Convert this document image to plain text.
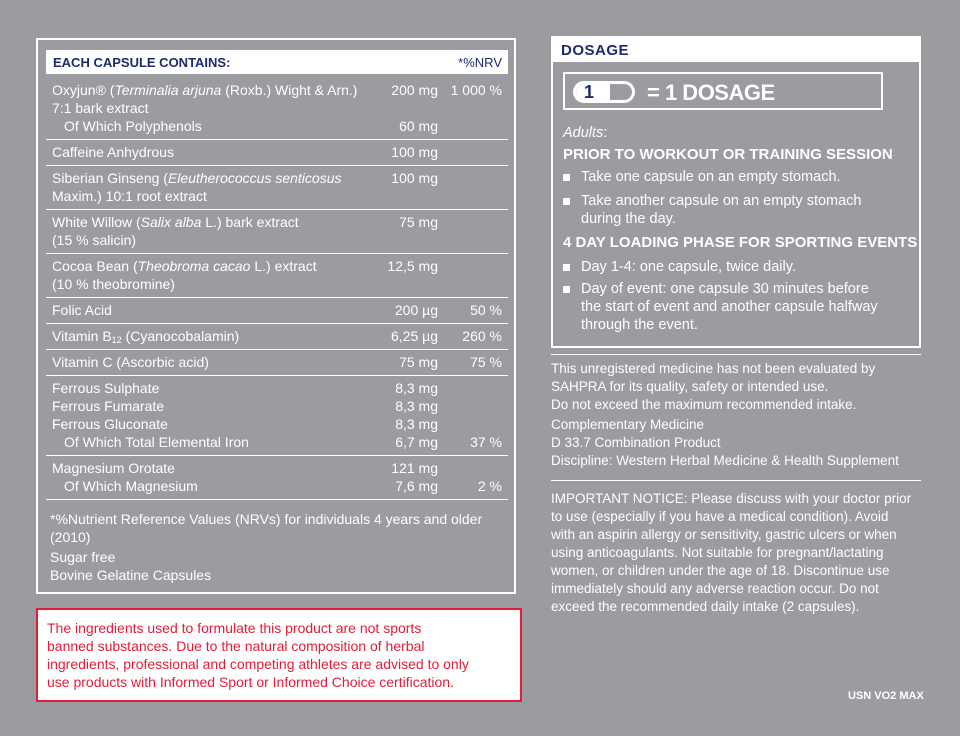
EACH CAPSULE CONTAINS:	*%NRV
Oxyjun® (Terminalia arjuna (Roxb.) Wight & Arn.)	200 mg 1 000 %
7:1 bark extract
Of Which Polyphenols	60 mg
Caffeine Anhydrous	100 mg
Siberian Ginseng (Eleutherococcus senticosus	100 mg
Maxim.) 10:1 root extract
White Willow (Salix alba L.) bark extract	75 mg
(15 % salicin)
Cocoa Bean (Theobroma cacao L.) extract	12,5 mg
(10 % theobromine)
Folic Acid	200 µg	50 %
Vitamin $B_{12}$ (Cyanocobalamin)	6,25 µg	260 %
Vitamin C (Ascorbic acid)	75 mg	75 %
Ferrous Sulphate	8,3 mg
Ferrous Fumarate	8,3 mg
Ferrous Gluconate	8,3 mg
Of Which Total Elemental Iron	6,7 mg	37 %
Magnesium Orotate	121 mg
Of Which Magnesium	7,6 mg	2 %
*%Nutrient Reference Values (NRVs) for individuals 4 years and older
(2010)
Sugar free
Bovine Gelatine Capsules
The ingredients used to formulate this product are not sports
banned substances. Due to the natural composition of herbal
ingredients, professional and competing athletes are advised to only
use products with Informed Sport or Informed Choice certification.
DOSAGE
1 = 1 DOSAGE
Adults:
PRIOR TO WORKOUT OR TRAINING SESSION
Take one capsule on an empty stomach.
Take another capsule on an empty stomach
during the day.
4 DAY LOADING PHASE FOR SPORTING EVENTS
Day 1-4: one capsule, twice daily.
Day of event: one capsule 30 minutes before
the start of event and another capsule halfway
through the event.
This unregistered medicine has not been evaluated by
SAHPRA for its quality, safety or intended use.
Do not exceed the maximum recommended intake.
Complementary Medicine
D 33.7 Combination Product
Discipline: Western Herbal Medicine & Health Supplement
IMPORTANT NOTICE: Please discuss with your doctor prior
to use (especially if you have a medical condition). Avoid
with an aspirin allergy or sensitivity, gastric ulcers or when
using anticoagulants. Not suitable for pregnant/lactating
women, or children under the age of 18. Discontinue use
immediately should any adverse reaction occur. Do not
exceed the recommended daily intake (2 capsules).
USN VO2 MAX
